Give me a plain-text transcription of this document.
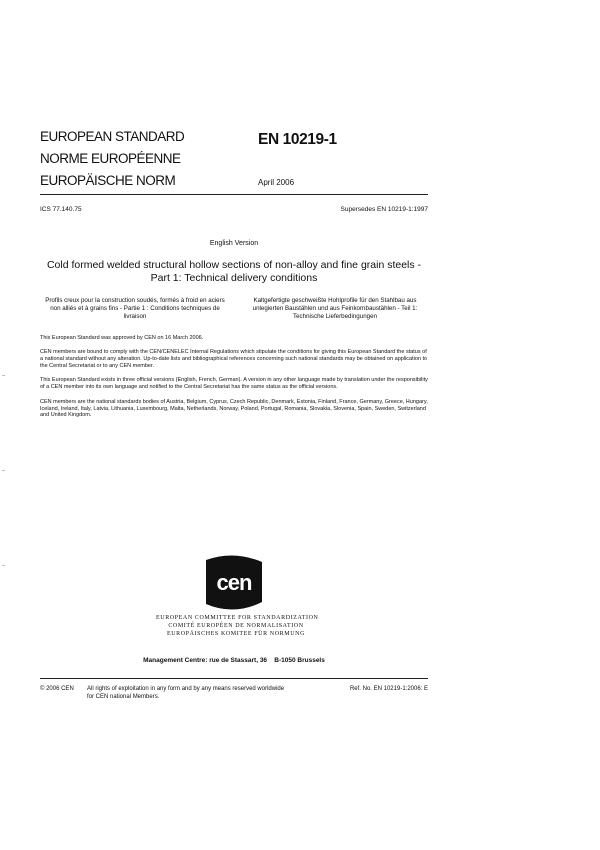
EUROPEAN STANDARD
NORME EUROPÉENNE
EUROPÄISCHE NORM
EN 10219-1
April 2006
ICS 77.140.75	Supersedes EN 10219-1:1997
English Version
Cold formed welded structural hollow sections of non-alloy and fine grain steels - Part 1: Technical delivery conditions
Profils creux pour la construction soudés, formés à froid en aciers non alliés et à grains fins - Partie 1 : Conditions techniques de livraison
Kaltgefertigte geschweißte Hohlprofile für den Stahlbau aus unlegierten Baustählen und aus Feinkornbaustählen - Teil 1: Technische Lieferbedingungen

This European Standard was approved by CEN on 16 March 2006.

CEN members are bound to comply with the CEN/CENELEC Internal Regulations which stipulate the conditions for giving this European Standard the status of a national standard without any alteration. Up-to-date lists and bibliographical references concerning such national standards may be obtained on application to the Central Secretariat or to any CEN member.

This European Standard exists in three official versions (English, French, German). A version in any other language made by translation under the responsibility of a CEN member into its own language and notified to the Central Secretariat has the same status as the official versions.

CEN members are the national standards bodies of Austria, Belgium, Cyprus, Czech Republic, Denmark, Estonia, Finland, France, Germany, Greece, Hungary, Iceland, Ireland, Italy, Latvia, Lithuania, Luxembourg, Malta, Netherlands, Norway, Poland, Portugal, Romania, Slovakia, Slovenia, Spain, Sweden, Switzerland and United Kingdom.

cen
EUROPEAN COMMITTEE FOR STANDARDIZATION
COMITÉ EUROPÉEN DE NORMALISATION
EUROPÄISCHES KOMITEE FÜR NORMUNG
Management Centre: rue de Stassart, 36    B-1050 Brussels
© 2006 CEN All rights of exploitation in any form and by any means reserved worldwide for CEN national Members.
Ref. No. EN 10219-1:2006: E
